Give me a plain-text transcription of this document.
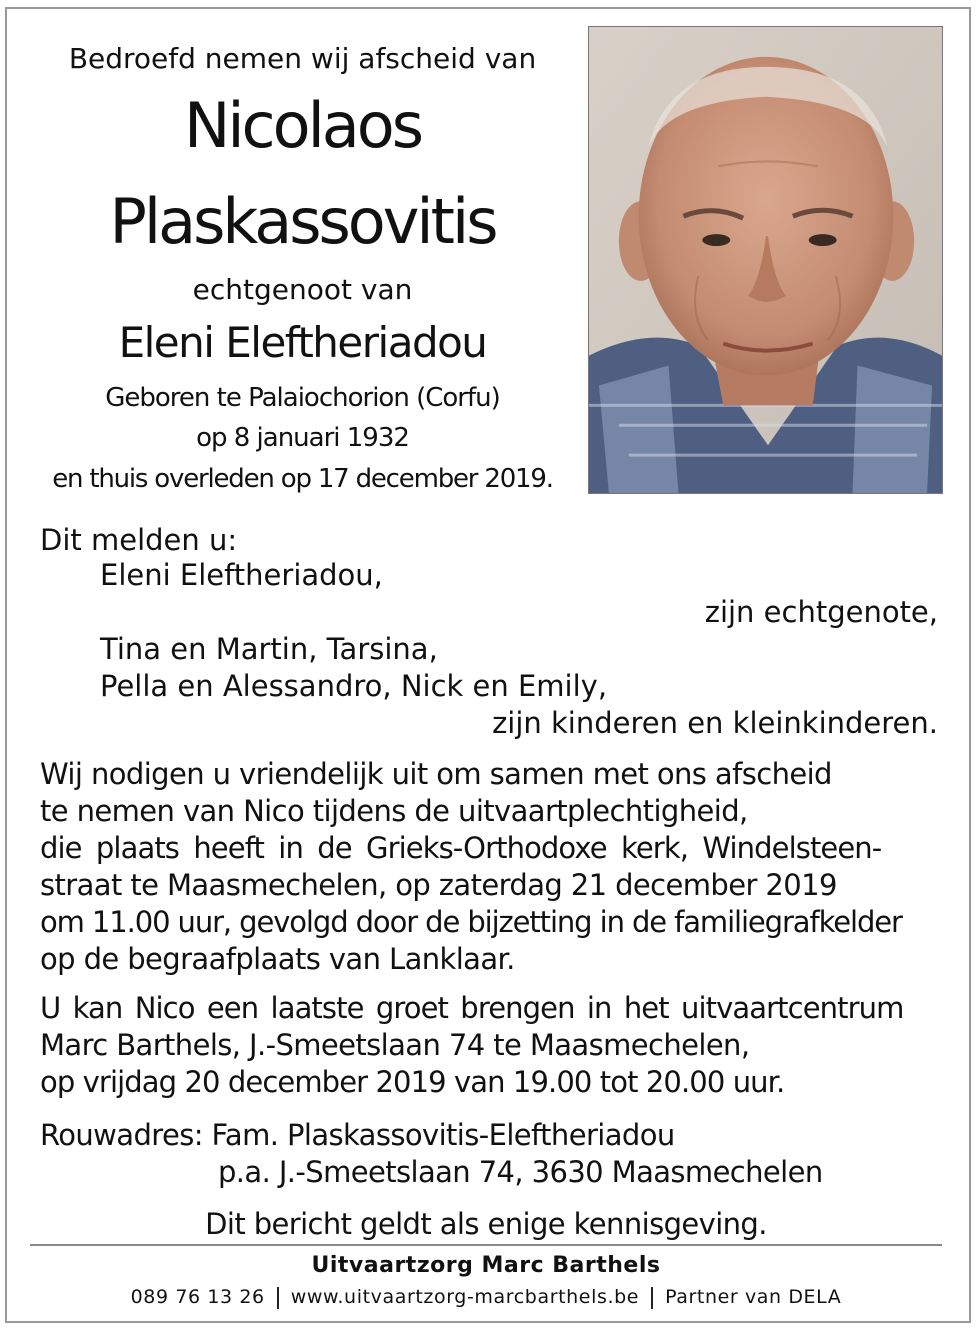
Bedroefd nemen wij afscheid van
Nicolaos
Plaskassovitis
echtgenoot van
Eleni Eleftheriadou
Geboren te Palaiochorion (Corfu)
op 8 januari 1932
en thuis overleden op 17 december 2019.
Dit melden u:
Eleni Eleftheriadou,
zijn echtgenote,
Tina en Martin, Tarsina,
Pella en Alessandro, Nick en Emily,
zijn kinderen en kleinkinderen.
Wij nodigen u vriendelijk uit om samen met ons afscheid
te nemen van Nico tijdens de uitvaartplechtigheid,
die plaats heeft in de Grieks-Orthodoxe kerk, Windelsteen-
straat te Maasmechelen, op zaterdag 21 december 2019
om 11.00 uur, gevolgd door de bijzetting in de familiegrafkelder
op de begraafplaats van Lanklaar.
U kan Nico een laatste groet brengen in het uitvaartcentrum
Marc Barthels, J.-Smeetslaan 74 te Maasmechelen,
op vrijdag 20 december 2019 van 19.00 tot 20.00 uur.
Rouwadres: Fam. Plaskassovitis-Eleftheriadou
p.a. J.-Smeetslaan 74, 3630 Maasmechelen
Dit bericht geldt als enige kennisgeving.
Uitvaartzorg Marc Barthels
089 76 13 26 www.uitvaartzorg-marcbarthels.be Partner van DELA
